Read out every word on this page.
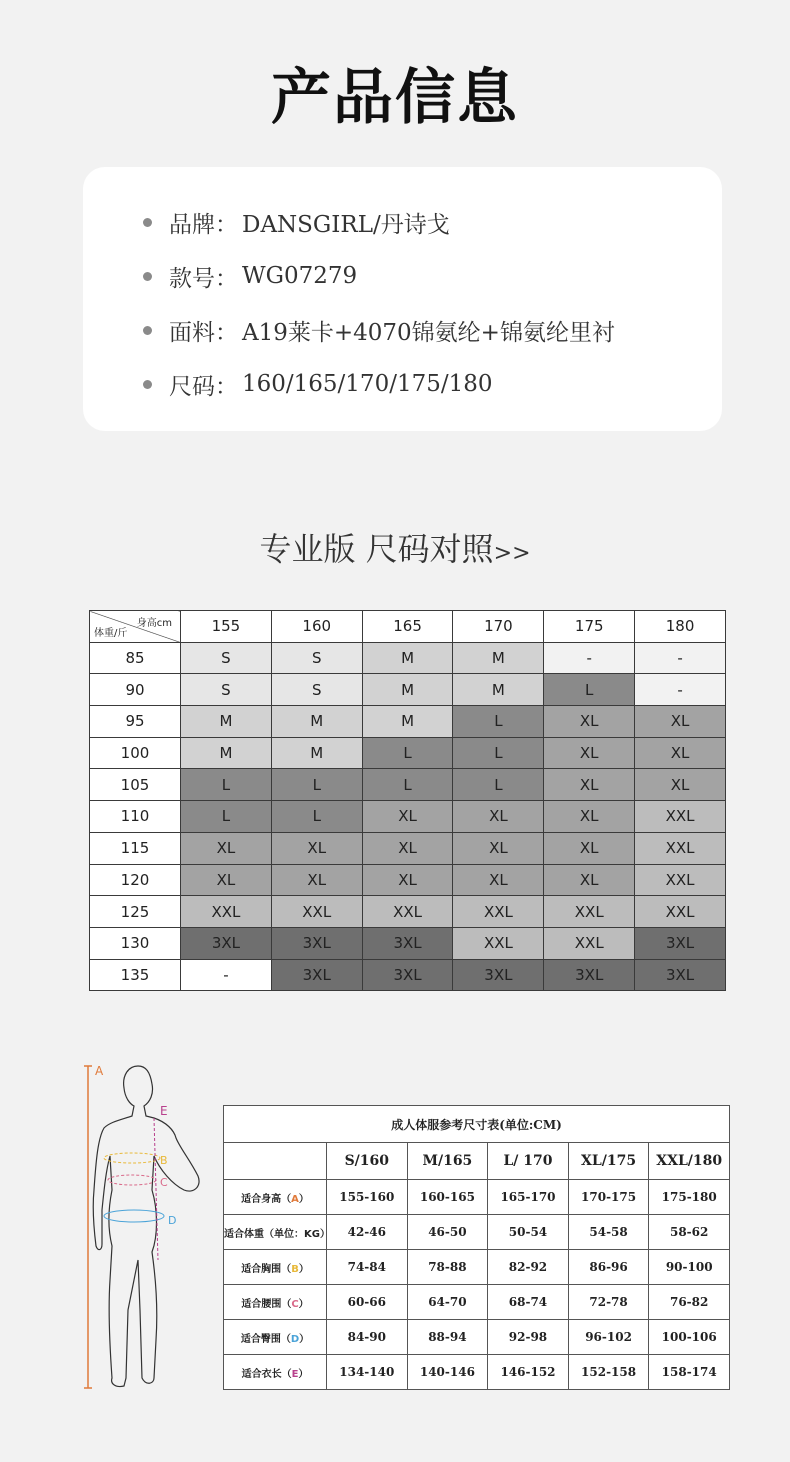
产品信息
品牌： DANSGIRL/丹诗戈
款号： WG07279
面料： A19莱卡+4070锦氨纶+锦氨纶里衬
尺码： 160/165/170/175/180
专业版 尺码对照>>
身高cm
体重/斤	155	160	165	170	175	180
85	S	S	M	M	-	-
90	S	S	M	M	L	-
95	M	M	M	L	XL	XL
100	M	M	L	L	XL	XL
105	L	L	L	L	XL	XL
110	L	L	XL	XL	XL	XXL
115	XL	XL	XL	XL	XL	XXL
120	XL	XL	XL	XL	XL	XXL
125	XXL	XXL	XXL	XXL	XXL	XXL
130	3XL	3XL	3XL	XXL	XXL	3XL
135	-	3XL	3XL	3XL	3XL	3XL
A
E
B
C
D
成人体服参考尺寸表(单位:CM)					
	S/160	M/165	L/ 170	XL/175	XXL/180
适合身高（A）	155-160	160-165	165-170	170-175	175-180
适合体重（单位：KG）	42-46	46-50	50-54	54-58	58-62
适合胸围（B）	74-84	78-88	82-92	86-96	90-100
适合腰围（C）	60-66	64-70	68-74	72-78	76-82
适合臀围（D）	84-90	88-94	92-98	96-102	100-106
适合衣长（E）	134-140	140-146	146-152	152-158	158-174
